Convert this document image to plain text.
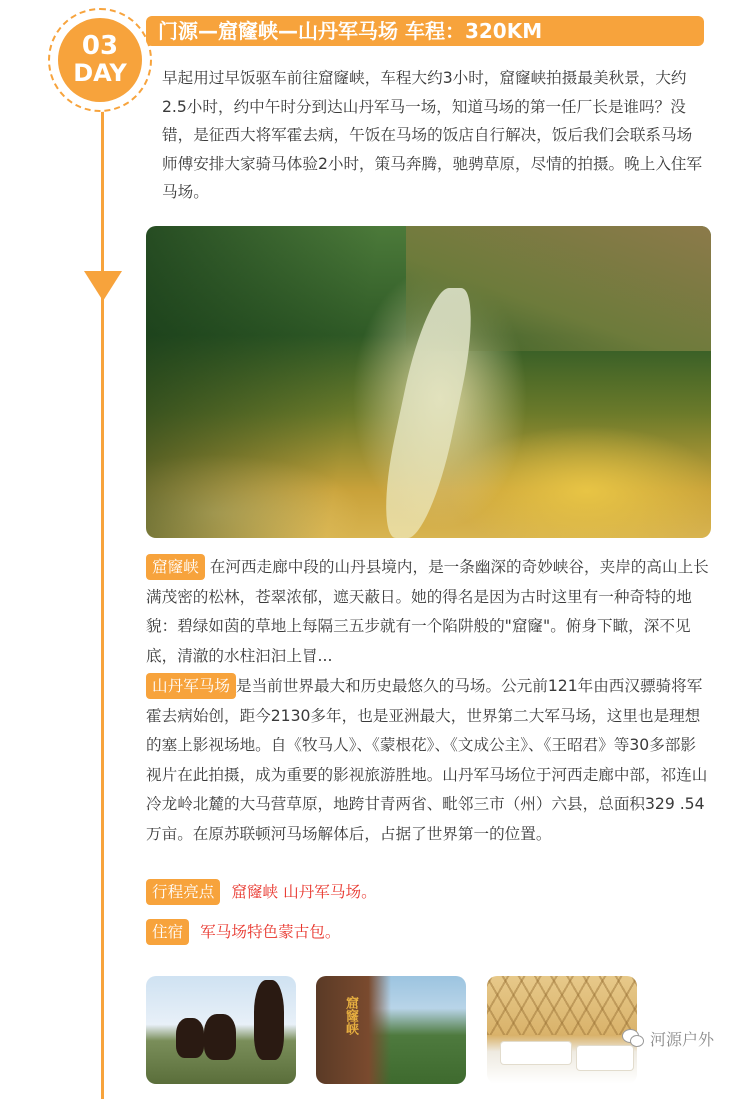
03
DAY
门源—窟窿峡—山丹军马场 车程：320KM

早起用过早饭驱车前往窟窿峡，车程大约3小时，窟窿峡拍摄最美秋景，大约2.5小时，约中午时分到达山丹军马一场，知道马场的第一任厂长是谁吗？没错，是征西大将军霍去病，午饭在马场的饭店自行解决，饭后我们会联系马场师傅安排大家骑马体验2小时，策马奔腾，驰骋草原，尽情的拍摄。晚上入住军马场。

窟窿峡 在河西走廊中段的山丹县境内，是一条幽深的奇妙峡谷，夹岸的高山上长满茂密的松林，苍翠浓郁，遮天蔽日。她的得名是因为古时这里有一种奇特的地貌：碧绿如茵的草地上每隔三五步就有一个陷阱般的"窟窿"。俯身下瞰，深不见底，清澈的水柱汩汩上冒...

山丹军马场 是当前世界最大和历史最悠久的马场。公元前121年由西汉骠骑将军霍去病始创，距今2130多年，也是亚洲最大，世界第二大军马场，这里也是理想的塞上影视场地。自《牧马人》、《蒙根花》、《文成公主》、《王昭君》等30多部影视片在此拍摄，成为重要的影视旅游胜地。山丹军马场位于河西走廊中部，祁连山冷龙岭北麓的大马营草原，地跨甘青两省、毗邻三市（州）六县，总面积329 .54万亩。在原苏联顿河马场解体后，占据了世界第一的位置。

行程亮点 窟窿峡 山丹军马场。
住宿 军马场特色蒙古包。
窟窿峡
河源户外
